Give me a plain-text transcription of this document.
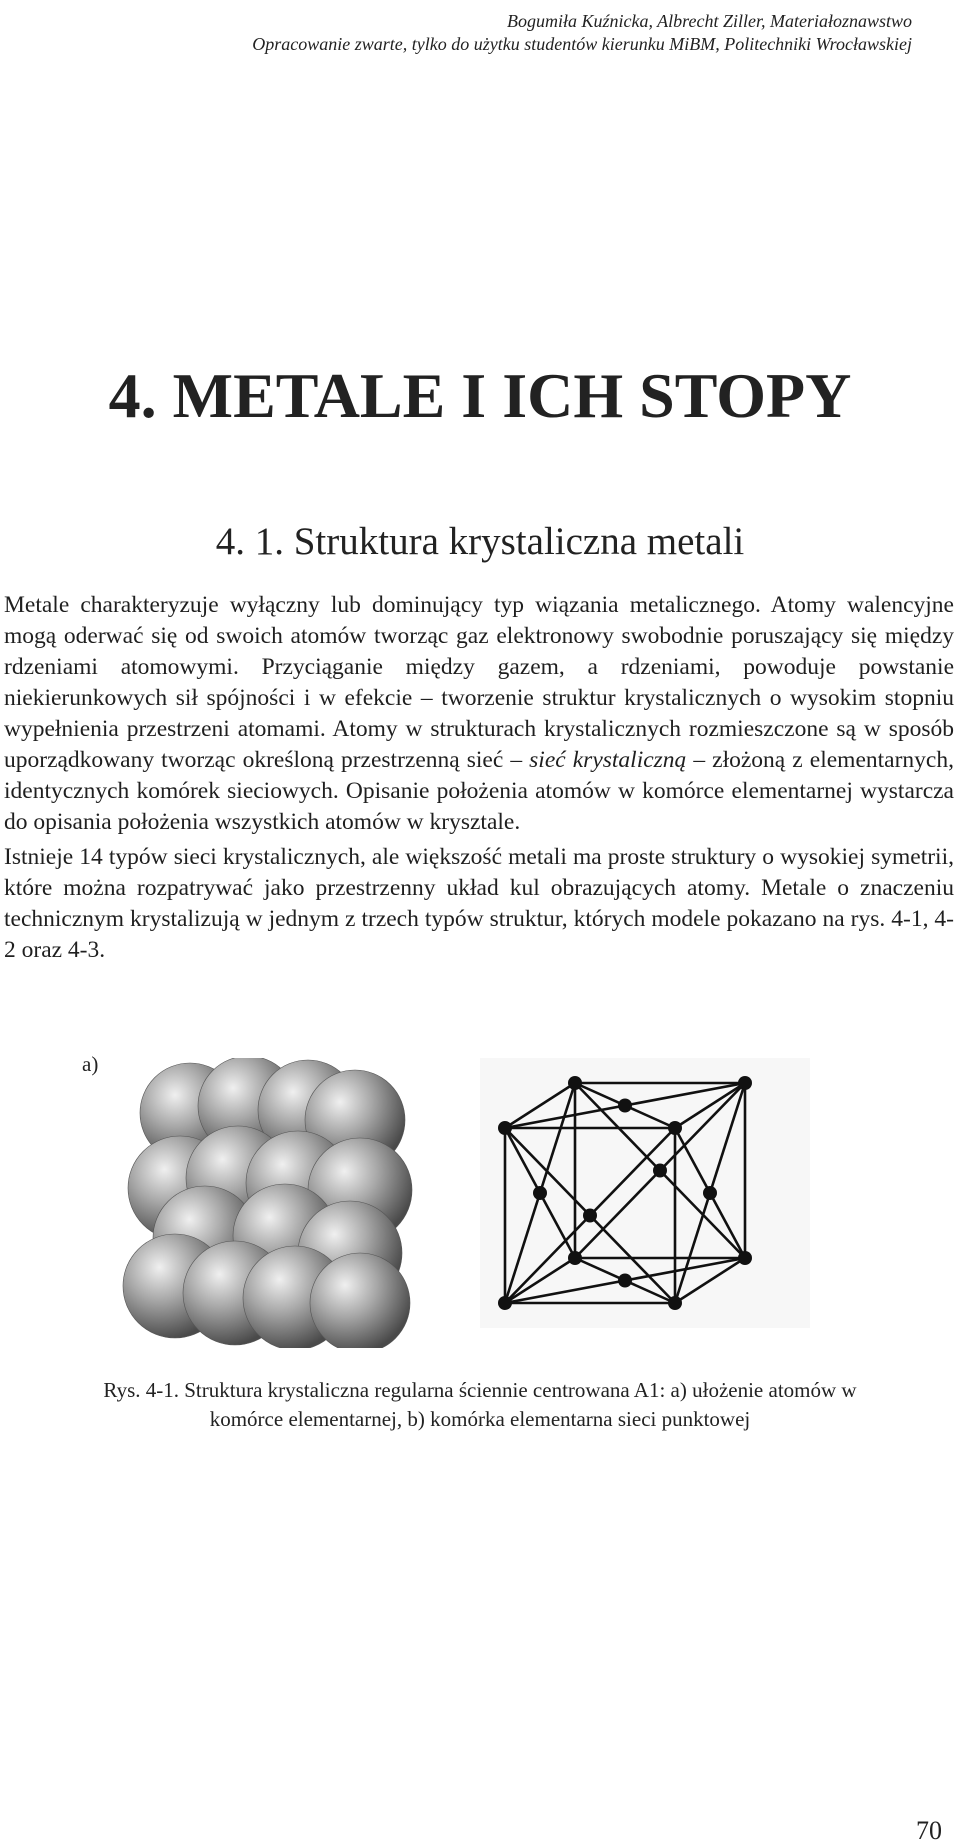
Bogumiła Kuźnicka, Albrecht Ziller, Materiałoznawstwo
Opracowanie zwarte, tylko do użytku studentów kierunku MiBM, Politechniki Wrocławskiej
4. METALE I ICH STOPY
4. 1. Struktura krystaliczna metali

Metale charakteryzuje wyłączny lub dominujący typ wiązania metalicznego. Atomy walencyjne mogą oderwać się od swoich atomów tworząc gaz elektronowy swobodnie poruszający się między rdzeniami atomowymi. Przyciąganie między gazem, a rdzeniami, powoduje powstanie niekierunkowych sił spójności i w efekcie – tworzenie struktur krystalicznych o wysokim stopniu wypełnienia przestrzeni atomami. Atomy w strukturach krystalicznych rozmieszczone są w sposób uporządkowany tworząc określoną przestrzenną sieć – sieć krystaliczną – złożoną z elementarnych, identycznych komórek sieciowych. Opisanie położenia atomów w komórce elementarnej wystarcza do opisania położenia wszystkich atomów w krysztale.

Istnieje 14 typów sieci krystalicznych, ale większość metali ma proste struktury o wysokiej symetrii, które można rozpatrywać jako przestrzenny układ kul obrazujących atomy. Metale o znaczeniu technicznym krystalizują w jednym z trzech typów struktur, których modele pokazano na rys. 4-1, 4-2 oraz 4-3.

a)
Rys. 4-1. Struktura krystaliczna regularna ściennie centrowana A1: a) ułożenie atomów w
komórce elementarnej, b) komórka elementarna sieci punktowej
70
